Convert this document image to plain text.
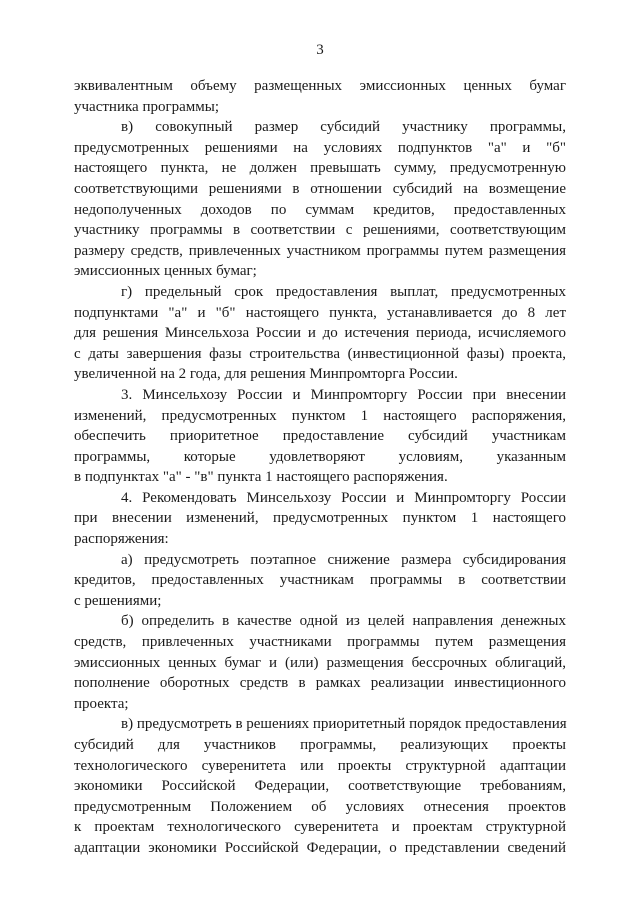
3
эквивалентным объему размещенных эмиссионных ценных бумаг
участника программы;
в) совокупный размер субсидий участнику программы,
предусмотренных решениями на условиях подпунктов "а" и "б"
настоящего пункта, не должен превышать сумму, предусмотренную
соответствующими решениями в отношении субсидий на возмещение
недополученных доходов по суммам кредитов, предоставленных
участнику программы в соответствии с решениями, соответствующим
размеру средств, привлеченных участником программы путем размещения
эмиссионных ценных бумаг;
г) предельный срок предоставления выплат, предусмотренных
подпунктами "а" и "б" настоящего пункта, устанавливается до 8 лет
для решения Минсельхоза России и до истечения периода, исчисляемого
с даты завершения фазы строительства (инвестиционной фазы) проекта,
увеличенной на 2 года, для решения Минпромторга России.
3. Минсельхозу России и Минпромторгу России при внесении
изменений, предусмотренных пунктом 1 настоящего распоряжения,
обеспечить приоритетное предоставление субсидий участникам
программы, которые удовлетворяют условиям, указанным
в подпунктах "а" - "в" пункта 1 настоящего распоряжения.
4. Рекомендовать Минсельхозу России и Минпромторгу России
при внесении изменений, предусмотренных пунктом 1 настоящего
распоряжения:
а) предусмотреть поэтапное снижение размера субсидирования
кредитов, предоставленных участникам программы в соответствии
с решениями;
б) определить в качестве одной из целей направления денежных
средств, привлеченных участниками программы путем размещения
эмиссионных ценных бумаг и (или) размещения бессрочных облигаций,
пополнение оборотных средств в рамках реализации инвестиционного
проекта;
в) предусмотреть в решениях приоритетный порядок предоставления
субсидий для участников программы, реализующих проекты
технологического суверенитета или проекты структурной адаптации
экономики Российской Федерации, соответствующие требованиям,
предусмотренным Положением об условиях отнесения проектов
к проектам технологического суверенитета и проектам структурной
адаптации экономики Российской Федерации, о представлении сведений
